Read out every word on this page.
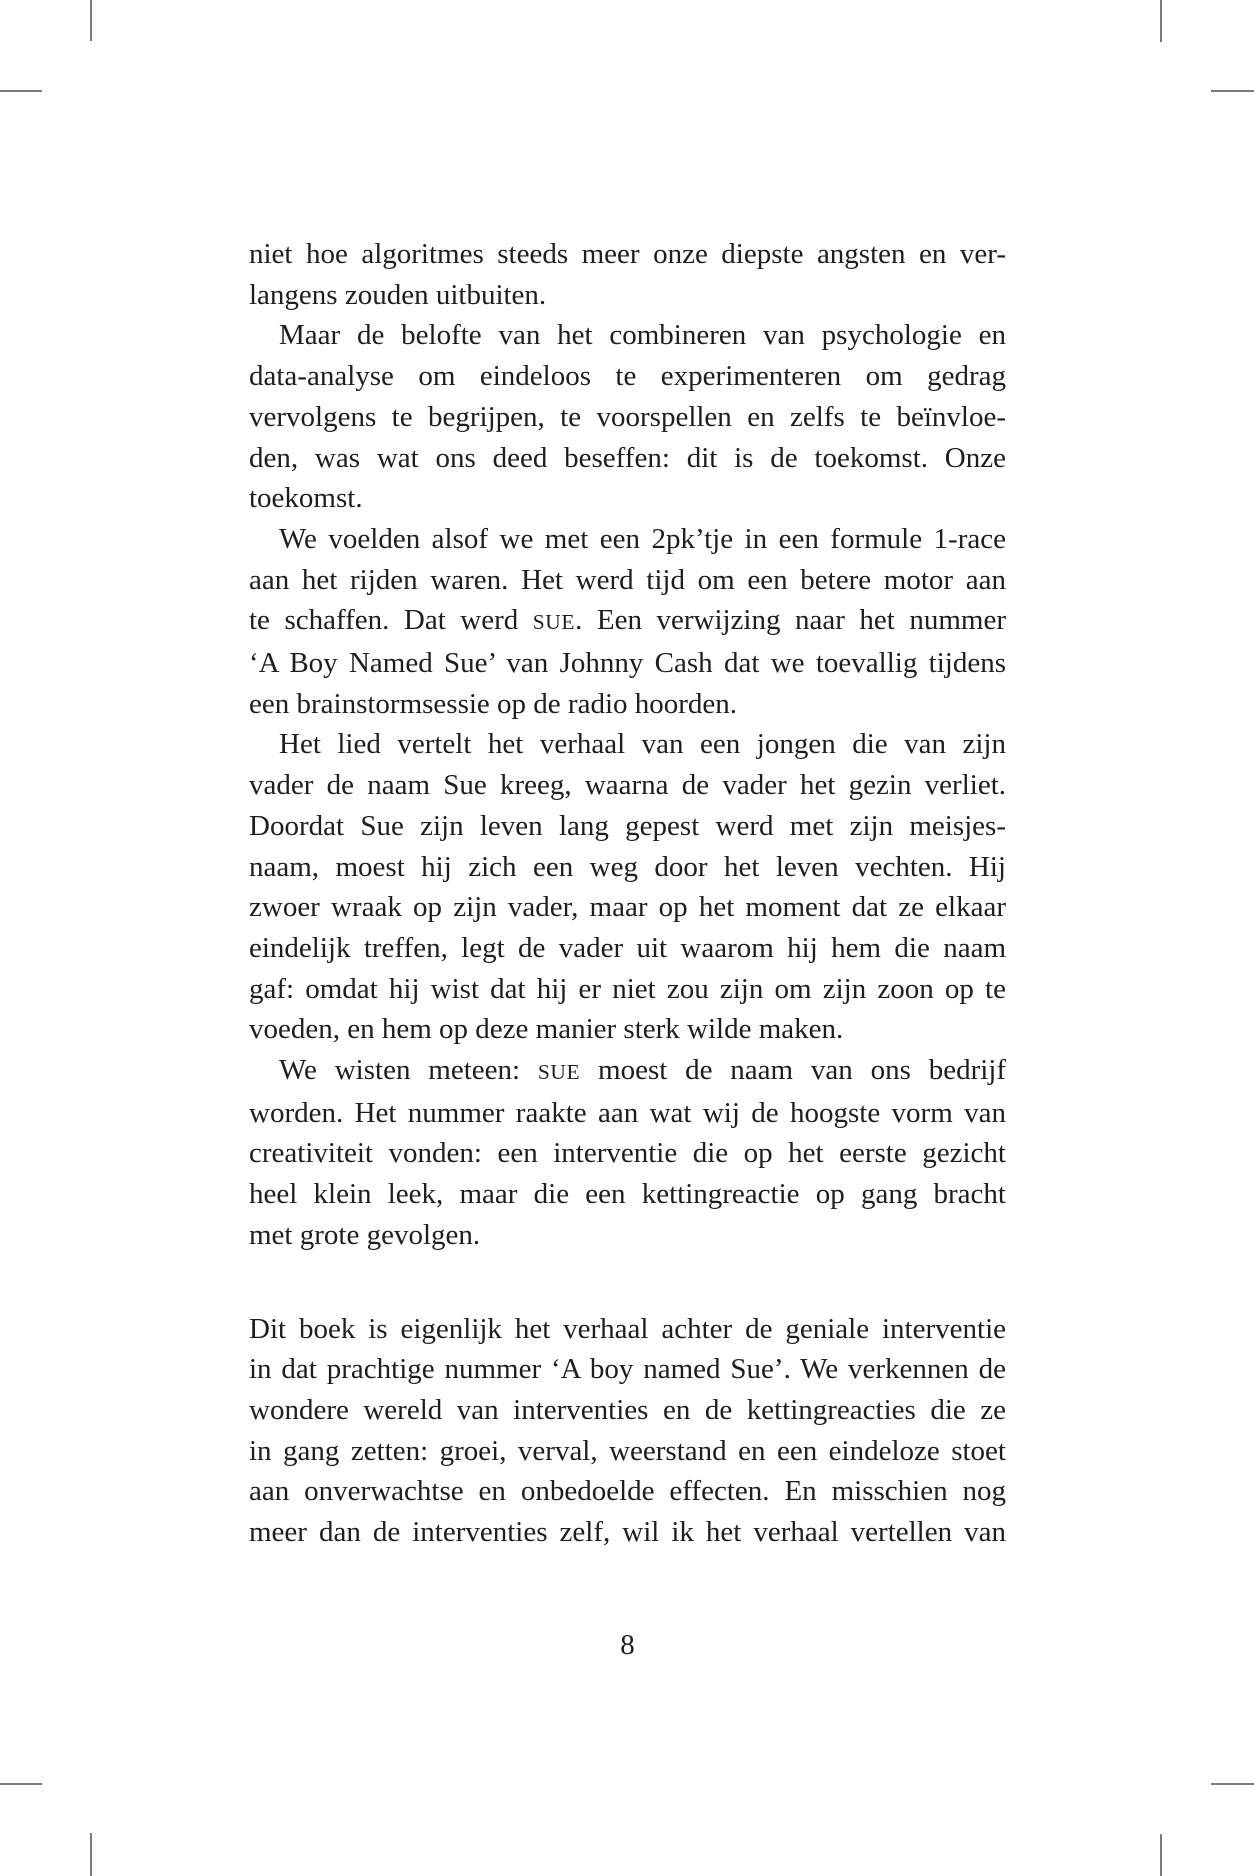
niet hoe algoritmes steeds meer onze diepste angsten en ver-
langens zouden uitbuiten.
Maar de belofte van het combineren van psychologie en
data-analyse om eindeloos te experimenteren om gedrag
vervolgens te begrijpen, te voorspellen en zelfs te beïnvloe-
den, was wat ons deed beseffen: dit is de toekomst. Onze
toekomst.
We voelden alsof we met een 2pk’tje in een formule 1-race
aan het rijden waren. Het werd tijd om een betere motor aan
te schaffen. Dat werd SUE. Een verwijzing naar het nummer
‘A Boy Named Sue’ van Johnny Cash dat we toevallig tijdens
een brainstormsessie op de radio hoorden.
Het lied vertelt het verhaal van een jongen die van zijn
vader de naam Sue kreeg, waarna de vader het gezin verliet.
Doordat Sue zijn leven lang gepest werd met zijn meisjes-
naam, moest hij zich een weg door het leven vechten. Hij
zwoer wraak op zijn vader, maar op het moment dat ze elkaar
eindelijk treffen, legt de vader uit waarom hij hem die naam
gaf: omdat hij wist dat hij er niet zou zijn om zijn zoon op te
voeden, en hem op deze manier sterk wilde maken.
We wisten meteen: SUE moest de naam van ons bedrijf
worden. Het nummer raakte aan wat wij de hoogste vorm van
creativiteit vonden: een interventie die op het eerste gezicht
heel klein leek, maar die een kettingreactie op gang bracht
met grote gevolgen.
Dit boek is eigenlijk het verhaal achter de geniale interventie
in dat prachtige nummer ‘A boy named Sue’. We verkennen de
wondere wereld van interventies en de kettingreacties die ze
in gang zetten: groei, verval, weerstand en een eindeloze stoet
aan onverwachtse en onbedoelde effecten. En misschien nog
meer dan de interventies zelf, wil ik het verhaal vertellen van
8
